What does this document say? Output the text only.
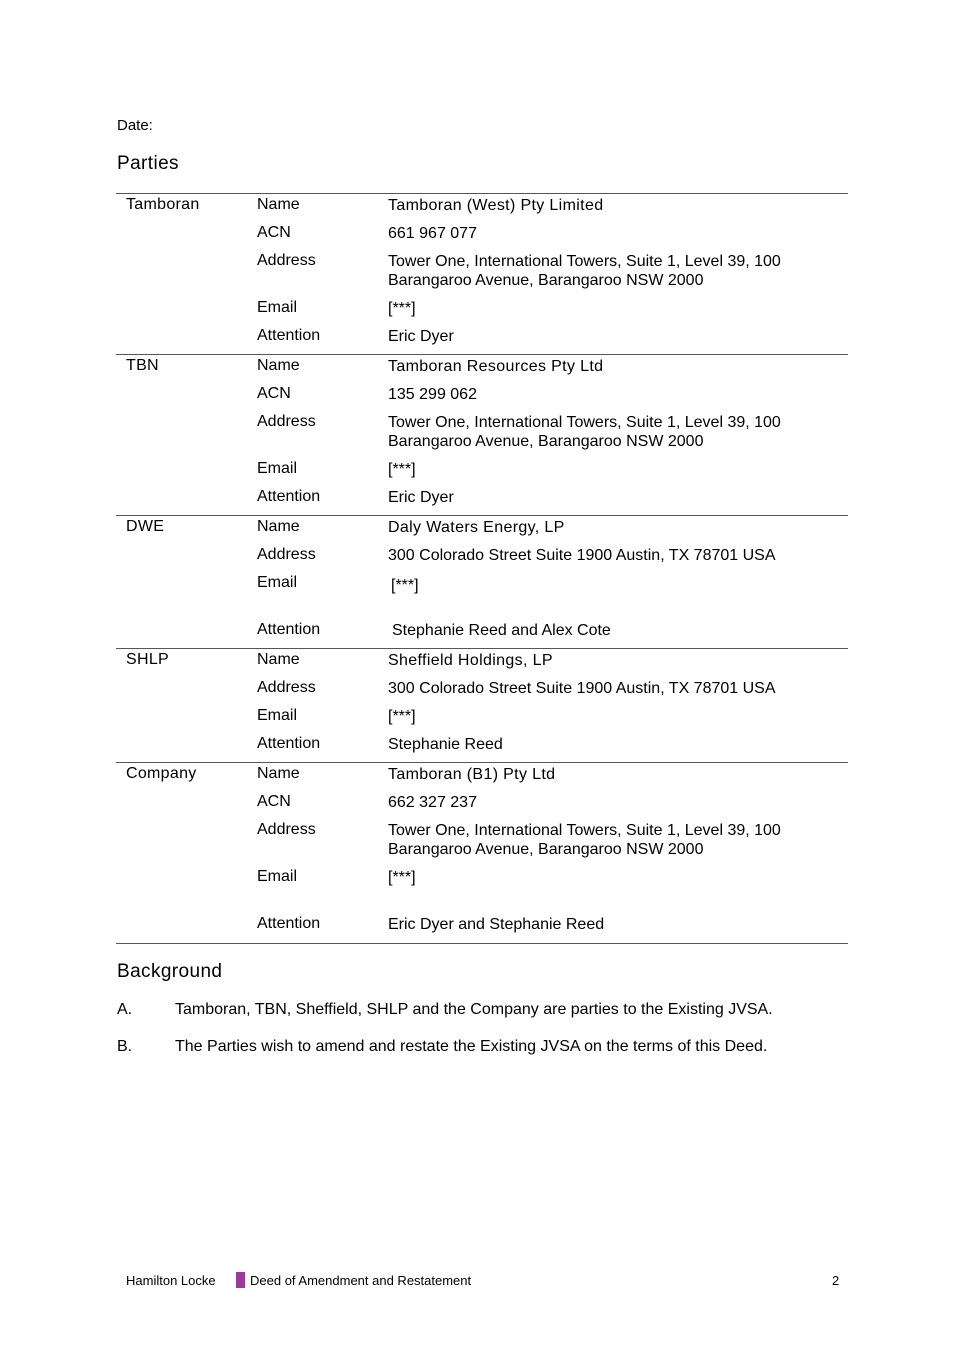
Date:
Parties
Tamboran	Name	Tamboran (West) Pty Limited
ACN	661 967 077
Address	Tower One, International Towers, Suite 1, Level 39, 100 Barangaroo Avenue, Barangaroo NSW 2000
Email	[***]
Attention	Eric Dyer
TBN	Name	Tamboran Resources Pty Ltd
ACN	135 299 062
Address	Tower One, International Towers, Suite 1, Level 39, 100 Barangaroo Avenue, Barangaroo NSW 2000
Email	[***]
Attention	Eric Dyer
DWE	Name	Daly Waters Energy, LP
Address	300 Colorado Street Suite 1900 Austin, TX 78701 USA
Email	[***]
Attention	Stephanie Reed and Alex Cote
SHLP	Name	Sheffield Holdings, LP
Address	300 Colorado Street Suite 1900 Austin, TX 78701 USA
Email	[***]
Attention	Stephanie Reed
Company	Name	Tamboran (B1) Pty Ltd
ACN	662 327 237
Address	Tower One, International Towers, Suite 1, Level 39, 100 Barangaroo Avenue, Barangaroo NSW 2000
Email	[***]
Attention	Eric Dyer and Stephanie Reed
Background
A.	Tamboran, TBN, Sheffield, SHLP and the Company are parties to the Existing JVSA.
B.	The Parties wish to amend and restate the Existing JVSA on the terms of this Deed.
Hamilton Locke	Deed of Amendment and Restatement	2
